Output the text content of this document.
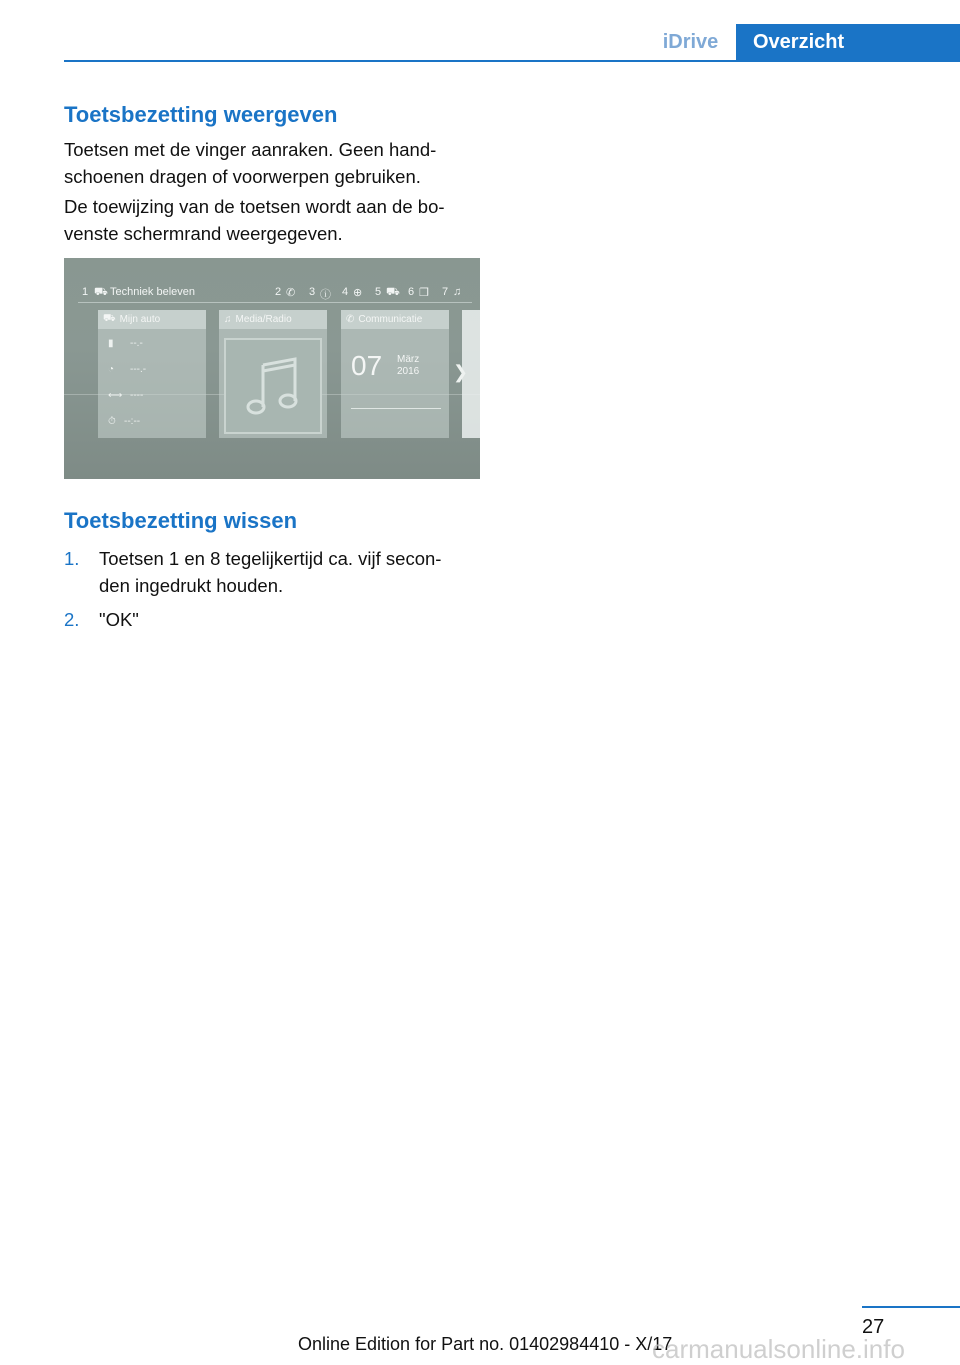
iDrive	Overzicht
Toetsbezetting weergeven

Toetsen met de vinger aanraken. Geen hand‐
schoenen dragen of voorwerpen gebruiken.

De toewijzing van de toetsen wordt aan de bo‐
venste schermrand weergegeven.

1 ⛟ Techniek beleven	2 ✆ 3 ⓘ 4 ⊕ 5 ⛟ 6 ❐ 7 ♫
⛟ Mijn auto
▮ --.-
◔ ---.-
⟷ ----
⏱ --:--
♫ Media/Radio	✆ Communicatie
07 März
2016 ❯
Toetsbezetting wissen
1. Toetsen 1 en 8 tegelijkertijd ca. vijf secon‐
den ingedrukt houden.
2. "OK"
27
Online Edition for Part no. 01402984410 - X/17
carmanualsonline.info
